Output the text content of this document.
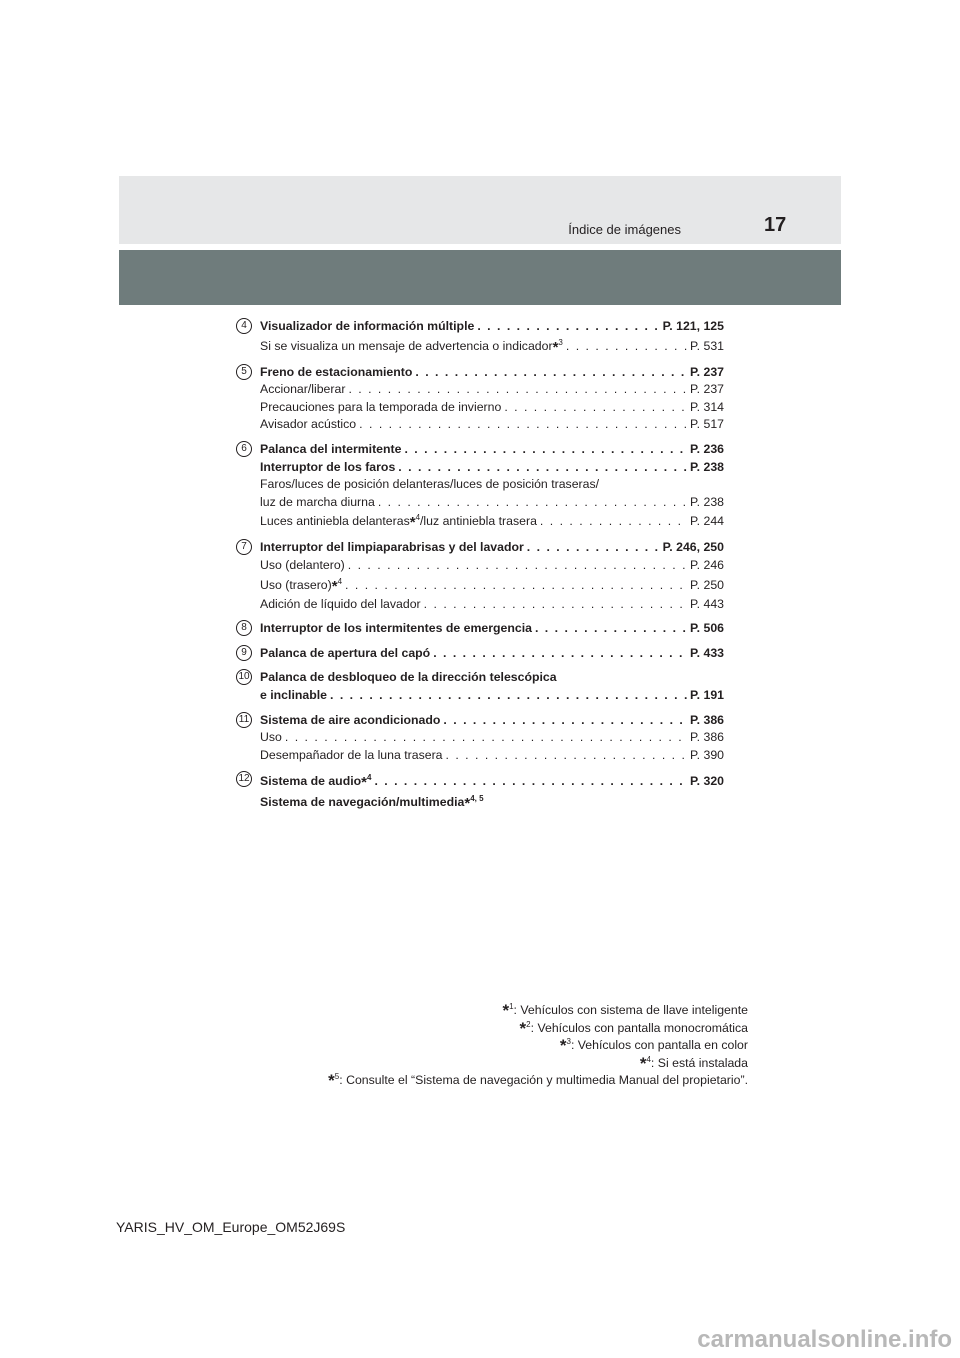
Índice de imágenes	17
4	Visualizador de información múltiple . . .	P. 121, 125
Si se visualiza un mensaje de advertencia o indicador*$^3$ . . .	P. 531
5	Freno de estacionamiento . . .	P. 237
Accionar/liberar . . .	P. 237
Precauciones para la temporada de invierno . . .	P. 314
Avisador acústico . . .	P. 517
6	Palanca del intermitente . . .	P. 236
Interruptor de los faros . . .	P. 238
Faros/luces de posición delanteras/luces de posición traseras/
luz de marcha diurna . . .	P. 238
Luces antiniebla delanteras*$^4$/luz antiniebla trasera . . .	P. 244
7	Interruptor del limpiaparabrisas y del lavador . . .	P. 246, 250
Uso (delantero) . . .	P. 246
Uso (trasero)*$^4$ . . .	P. 250
Adición de líquido del lavador . . .	P. 443
8	Interruptor de los intermitentes de emergencia . . .	P. 506
9	Palanca de apertura del capó . . .	P. 433
10 Palanca de desbloqueo de la dirección telescópica
e inclinable . . .	P. 191
11 Sistema de aire acondicionado . . .	P. 386
Uso . . .	P. 386
Desempañador de la luna trasera . . .	P. 390
12 Sistema de audio*$^4$ . . .	P. 320
Sistema de navegación/multimedia*$^{4, 5}$
*$^1$: Vehículos con sistema de llave inteligente
*$^2$: Vehículos con pantalla monocromática
*$^3$: Vehículos con pantalla en color
*$^4$: Si está instalada
*$^5$: Consulte el “Sistema de navegación y multimedia Manual del propietario”.
YARIS_HV_OM_Europe_OM52J69S
carmanualsonline.info
